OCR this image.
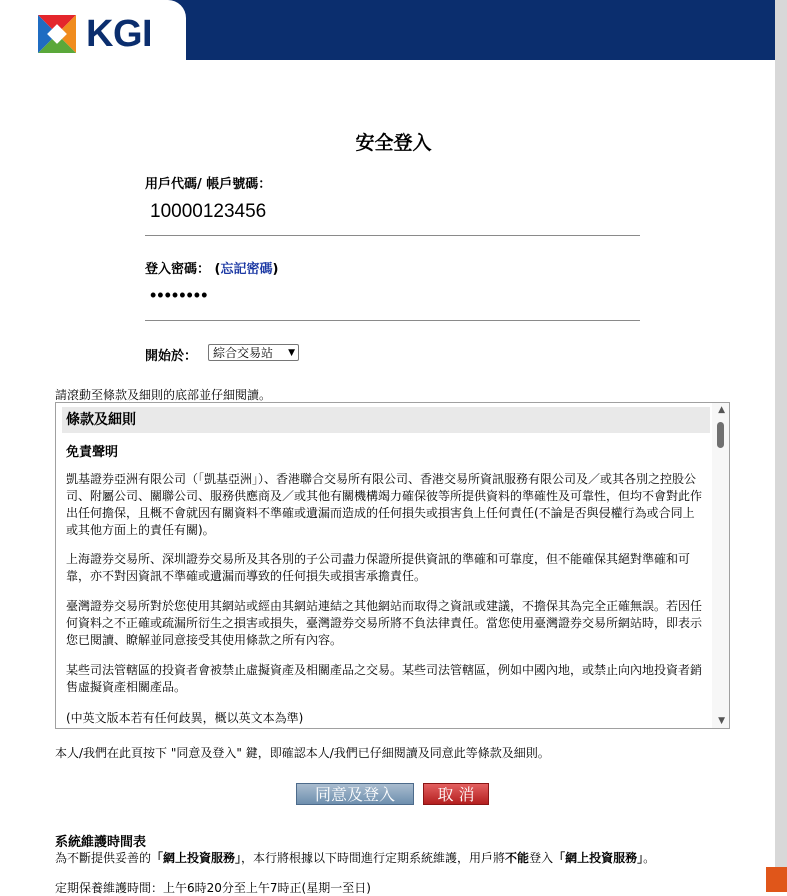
KGI
安全登入
用戶代碼/ 帳戶號碼：
10000123456
登入密碼： (忘記密碼)
••••••••
開始於：	綜合交易站 ▼
請滾動至條款及細則的底部並仔細閱讀。
條款及細則
免責聲明
凱基證券亞洲有限公司（「凱基亞洲」）、香港聯合交易所有限公司、香港交易所資訊服務有限公司及／或其各別之控股公司、附屬公司、關聯公司、服務供應商及／或其他有關機構竭力確保彼等所提供資料的準確性及可靠性，但均不會對此作出任何擔保，且概不會就因有關資料不準確或遺漏而造成的任何損失或損害負上任何責任(不論是否與侵權行為或合同上或其他方面上的責任有關)。
上海證券交易所、深圳證券交易所及其各別的子公司盡力保證所提供資訊的準確和可靠度，但不能確保其絕對準確和可靠，亦不對因資訊不準確或遺漏而導致的任何損失或損害承擔責任。
臺灣證券交易所對於您使用其網站或經由其網站連結之其他網站而取得之資訊或建議，不擔保其為完全正確無誤。若因任何資料之不正確或疏漏所衍生之損害或損失，臺灣證券交易所將不負法律責任。當您使用臺灣證券交易所網站時，即表示您已閱讀、瞭解並同意接受其使用條款之所有內容。
某些司法管轄區的投資者會被禁止虛擬資產及相關產品之交易。某些司法管轄區，例如中國內地，或禁止向內地投資者銷售虛擬資產相關產品。
(中英文版本若有任何歧異，概以英文本為準)
▲
▼
本人/我們在此頁按下 "同意及登入" 鍵，即確認本人/我們已仔細閱讀及同意此等條款及細則。
同意及登入	取 消
系統維護時間表
為不斷提供妥善的「網上投資服務」，本行將根據以下時間進行定期系統維護，用戶將不能登入「網上投資服務」。
定期保養維護時間：上午6時20分至上午7時正(星期一至日)
